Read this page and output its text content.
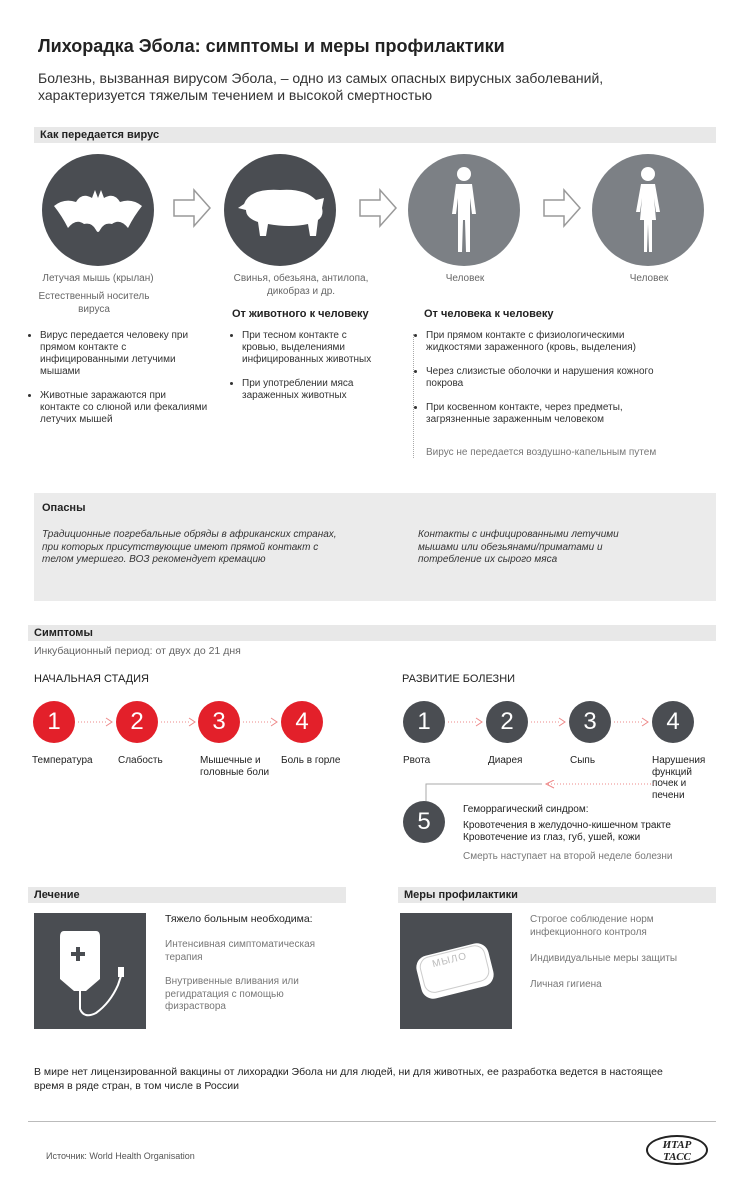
Лихорадка Эбола: симптомы и меры профилактики
Болезнь, вызванная вирусом Эбола, – одно из самых опасных вирусных заболеваний, характеризуется тяжелым течением и высокой смертностью
Как передается вирус
Летучая мышь (крылан)
Естественный носитель вируса
Свинья, обезьяна, антилопа, дикобраз и др.
Человек	Человек
• Вирус передается человеку при прямом контакте с инфицированными летучими мышами
• Животные заражаются при контакте со слюной или фекалиями летучих мышей
От животного к человеку
• При тесном контакте с кровью, выделениями инфицированных животных
• При употреблении мяса зараженных животных
От человека к человеку
• При прямом контакте с физиологическими жидкостями зараженного (кровь, выделения)
• Через слизистые оболочки и нарушения кожного покрова
• При косвенном контакте, через предметы, загрязненные зараженным человеком
Вирус не передается воздушно-капельным путем
Опасны
Традиционные погребальные обряды в африканских странах, при которых присутствующие имеют прямой контакт с телом умершего. ВОЗ рекомендует кремацию
Контакты с инфицированными летучими мышами или обезьянами/приматами и потребление их сырого мяса
Симптомы
Инкубационный период: от двух до 21 дня
НАЧАЛЬНАЯ СТАДИЯ	РАЗВИТИЕ БОЛЕЗНИ
1	2	3	4
Температура	Слабость	Мышечные и головные боли
Боль в горле
1	2	3	4
Рвота	Диарея	Сыпь	Нарушения функций почек и печени
5	Геморрагический синдром:
Кровотечения в желудочно-кишечном тракте
Кровотечение из глаз, губ, ушей, кожи
Смерть наступает на второй неделе болезни
Лечение
Тяжело больным необходима:
Интенсивная симптоматическая терапия
Внутривенные вливания или регидратация с помощью физраствора
Меры профилактики
МЫЛО
Строгое соблюдение норм инфекционного контроля
Индивидуальные меры защиты
Личная гигиена
В мире нет лицензированной вакцины от лихорадки Эбола ни для людей, ни для животных, ее разработка ведется в настоящее время в ряде стран, в том числе в России
Источник: World Health Organisation
ИТАР
ТАСС
